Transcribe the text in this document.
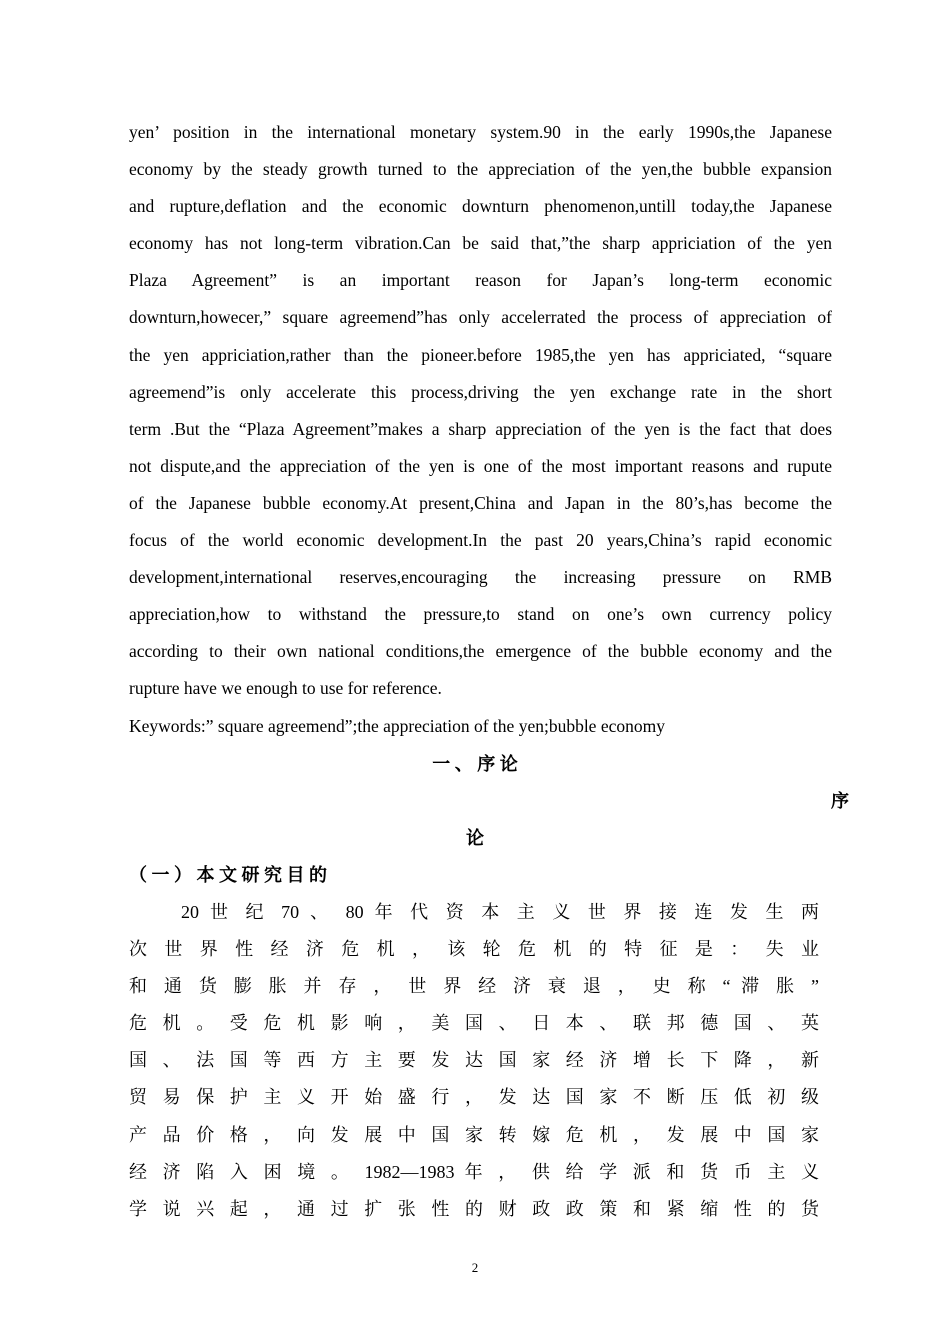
yen’ position in the international monetary system.90 in the early 1990s,the Japanese
economy by the steady growth turned to the appreciation of the yen,the bubble expansion
and rupture,deflation and the economic downturn phenomenon,untill today,the Japanese
economy has not long-term vibration.Can be said that,”the sharp appriciation of the yen
Plaza Agreement” is an important reason for Japan’s long-term economic
downturn,howecer,” square agreemend”has only accelerrated the process of appreciation of
the yen appriciation,rather than the pioneer.before 1985,the yen has appriciated, “square
agreemend”is only accelerate this process,driving the yen exchange rate in the short
term .But the “Plaza Agreement”makes a sharp appreciation of the yen is the fact that does
not dispute,and the appreciation of the yen is one of the most important reasons and rupute
of the Japanese bubble economy.At present,China and Japan in the 80’s,has become the
focus of the world economic development.In the past 20 years,China’s rapid economic
development,international reserves,encouraging the increasing pressure on RMB
appreciation,how to withstand the pressure,to stand on one’s own currency policy
according to their own national conditions,the emergence of the bubble economy and the
rupture have we enough to use for reference.
Keywords:” square agreemend”;the appreciation of the yen;bubble economy
一 、 序 论
序
论
（ 一 ） 本 文 研 究 目 的
20 世 纪 70 、 80 年 代 资 本 主 义 世 界 接 连 发 生 两
次 世 界 性 经 济 危 机 ， 该 轮 危 机 的 特 征 是 ： 失 业
和 通 货 膨 胀 并 存 ， 世 界 经 济 衰 退 ， 史 称 “ 滞 胀 ”
危 机 。 受 危 机 影 响 ， 美 国 、 日 本 、 联 邦 德 国 、 英
国 、 法 国 等 西 方 主 要 发 达 国 家 经 济 增 长 下 降 ， 新
贸 易 保 护 主 义 开 始 盛 行 ， 发 达 国 家 不 断 压 低 初 级
产 品 价 格 ， 向 发 展 中 国 家 转 嫁 危 机 ， 发 展 中 国 家
经 济 陷 入 困 境 。 1982—1983 年 ， 供 给 学 派 和 货 币 主 义
学 说 兴 起 ， 通 过 扩 张 性 的 财 政 政 策 和 紧 缩 性 的 货
2
